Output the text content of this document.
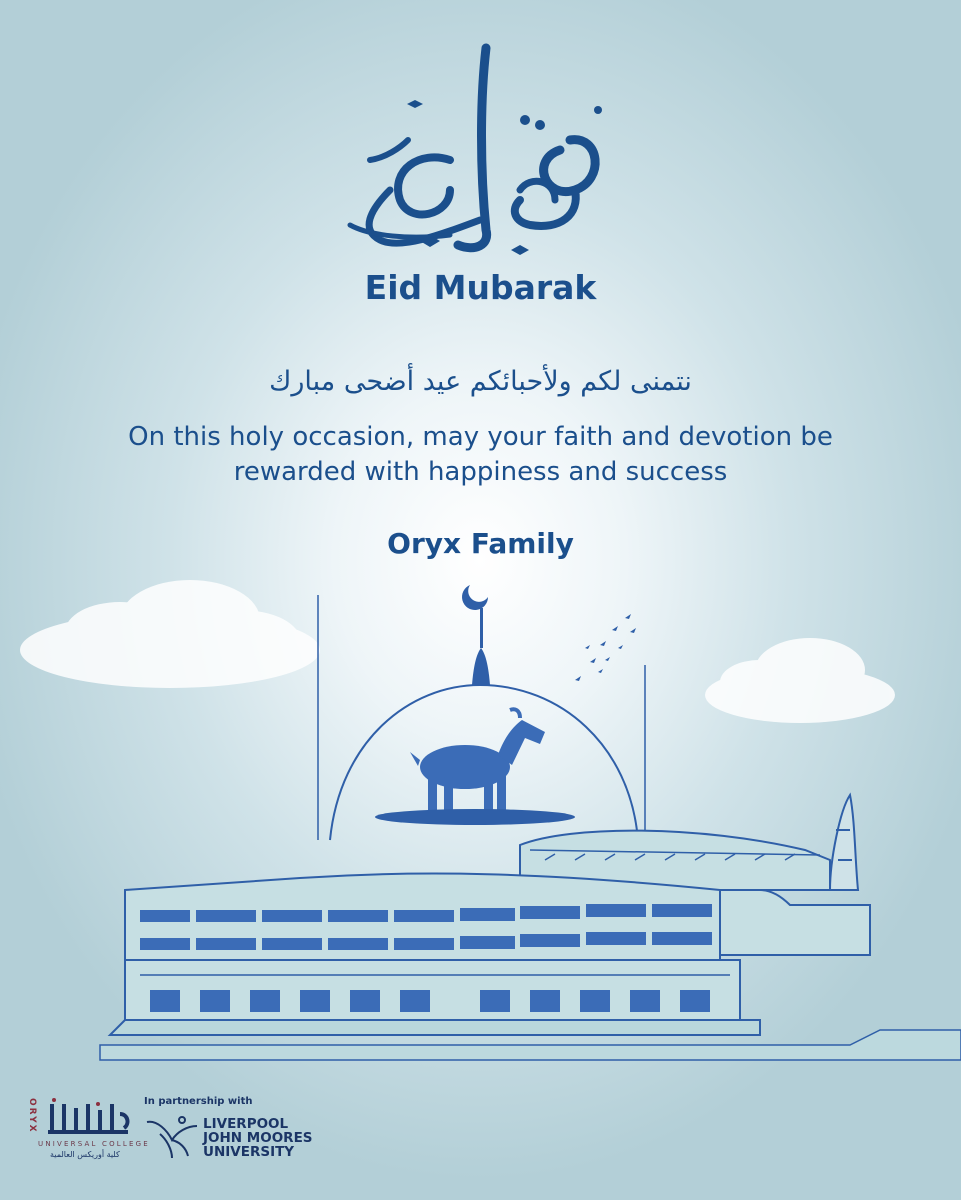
Eid Mubarak
نتمنى لكم ولأحبائكم عيد أضحى مبارك
On this holy occasion, may your faith and devotion be
rewarded with happiness and success
Oryx Family
ORYX
UNIVERSAL COLLEGE
كلية أوريكس العالمية
In partnership with
LIVERPOOL
JOHN MOORES
UNIVERSITY
